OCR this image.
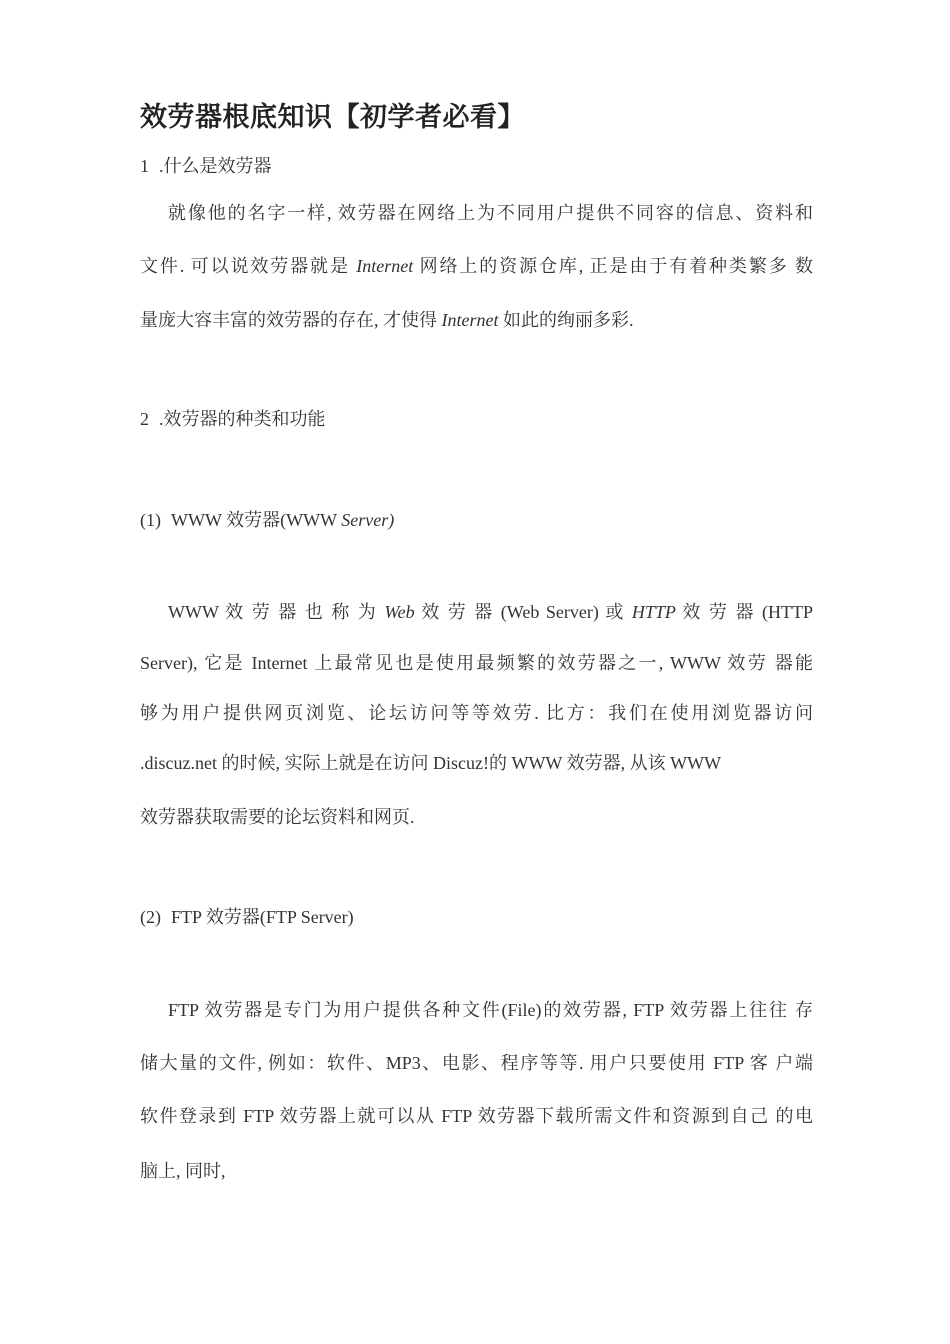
效劳器根底知识【初学者必看】
1 .什么是效劳器
就像他的名字一样, 效劳器在网络上为不同用户提供不同容的信息、资料和
文件. 可以说效劳器就是 Internet 网络上的资源仓库, 正是由于有着种类繁多 数
量庞大容丰富的效劳器的存在, 才使得 Internet 如此的绚丽多彩.
2 .效劳器的种类和功能
(1) WWW 效劳器(WWW Server)
WWW 效 劳 器 也 称 为 Web 效 劳 器 (Web Server) 或 HTTP 效 劳 器 (HTTP
Server), 它是 Internet 上最常见也是使用最频繁的效劳器之一, WWW 效劳 器能
够为用户提供网页浏览、论坛访问等等效劳. 比方：我们在使用浏览器访问
.discuz.net 的时候, 实际上就是在访问 Discuz!的 WWW 效劳器, 从该 WWW
效劳器获取需要的论坛资料和网页.
(2) FTP 效劳器(FTP Server)
FTP 效劳器是专门为用户提供各种文件(File)的效劳器, FTP 效劳器上往往 存
储大量的文件, 例如：软件、MP3、电影、程序等等. 用户只要使用 FTP 客 户端
软件登录到 FTP 效劳器上就可以从 FTP 效劳器下载所需文件和资源到自己 的电
脑上, 同时,
